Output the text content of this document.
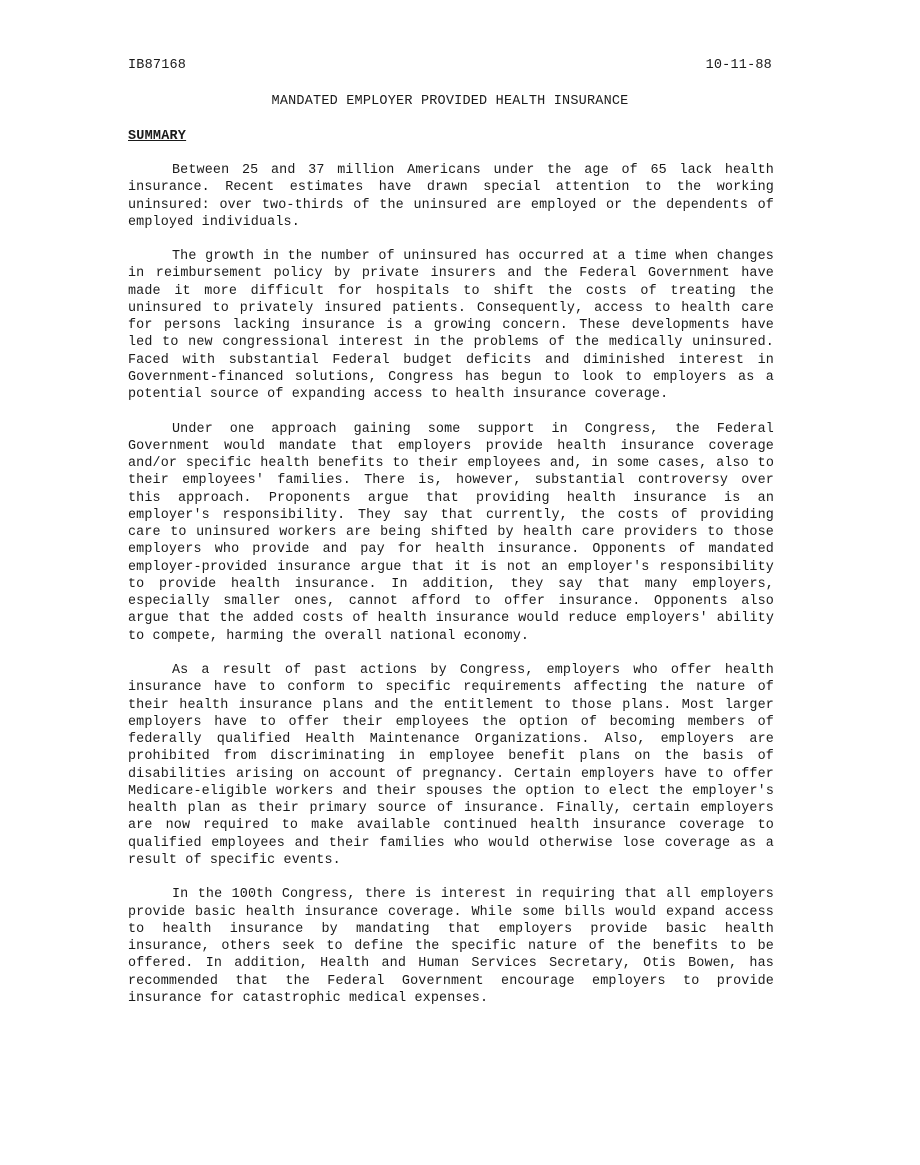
IB87168	10-11-88
MANDATED EMPLOYER PROVIDED HEALTH INSURANCE
SUMMARY

Between 25 and 37 million Americans under the age of 65 lack health insurance. Recent estimates have drawn special attention to the working uninsured: over two-thirds of the uninsured are employed or the dependents of employed individuals.

The growth in the number of uninsured has occurred at a time when changes in reimbursement policy by private insurers and the Federal Government have made it more difficult for hospitals to shift the costs of treating the uninsured to privately insured patients. Consequently, access to health care for persons lacking insurance is a growing concern. These developments have led to new congressional interest in the problems of the medically uninsured. Faced with substantial Federal budget deficits and diminished interest in Government-financed solutions, Congress has begun to look to employers as a potential source of expanding access to health insurance coverage.

Under one approach gaining some support in Congress, the Federal Government would mandate that employers provide health insurance coverage and/or specific health benefits to their employees and, in some cases, also to their employees' families. There is, however, substantial controversy over this approach. Proponents argue that providing health insurance is an employer's responsibility. They say that currently, the costs of providing care to uninsured workers are being shifted by health care providers to those employers who provide and pay for health insurance. Opponents of mandated employer-provided insurance argue that it is not an employer's responsibility to provide health insurance. In addition, they say that many employers, especially smaller ones, cannot afford to offer insurance. Opponents also argue that the added costs of health insurance would reduce employers' ability to compete, harming the overall national economy.

As a result of past actions by Congress, employers who offer health insurance have to conform to specific requirements affecting the nature of their health insurance plans and the entitlement to those plans. Most larger employers have to offer their employees the option of becoming members of federally qualified Health Maintenance Organizations. Also, employers are prohibited from discriminating in employee benefit plans on the basis of disabilities arising on account of pregnancy. Certain employers have to offer Medicare-eligible workers and their spouses the option to elect the employer's health plan as their primary source of insurance. Finally, certain employers are now required to make available continued health insurance coverage to qualified employees and their families who would otherwise lose coverage as a result of specific events.

In the 100th Congress, there is interest in requiring that all employers provide basic health insurance coverage. While some bills would expand access to health insurance by mandating that employers provide basic health insurance, others seek to define the specific nature of the benefits to be offered. In addition, Health and Human Services Secretary, Otis Bowen, has recommended that the Federal Government encourage employers to provide insurance for catastrophic medical expenses.
